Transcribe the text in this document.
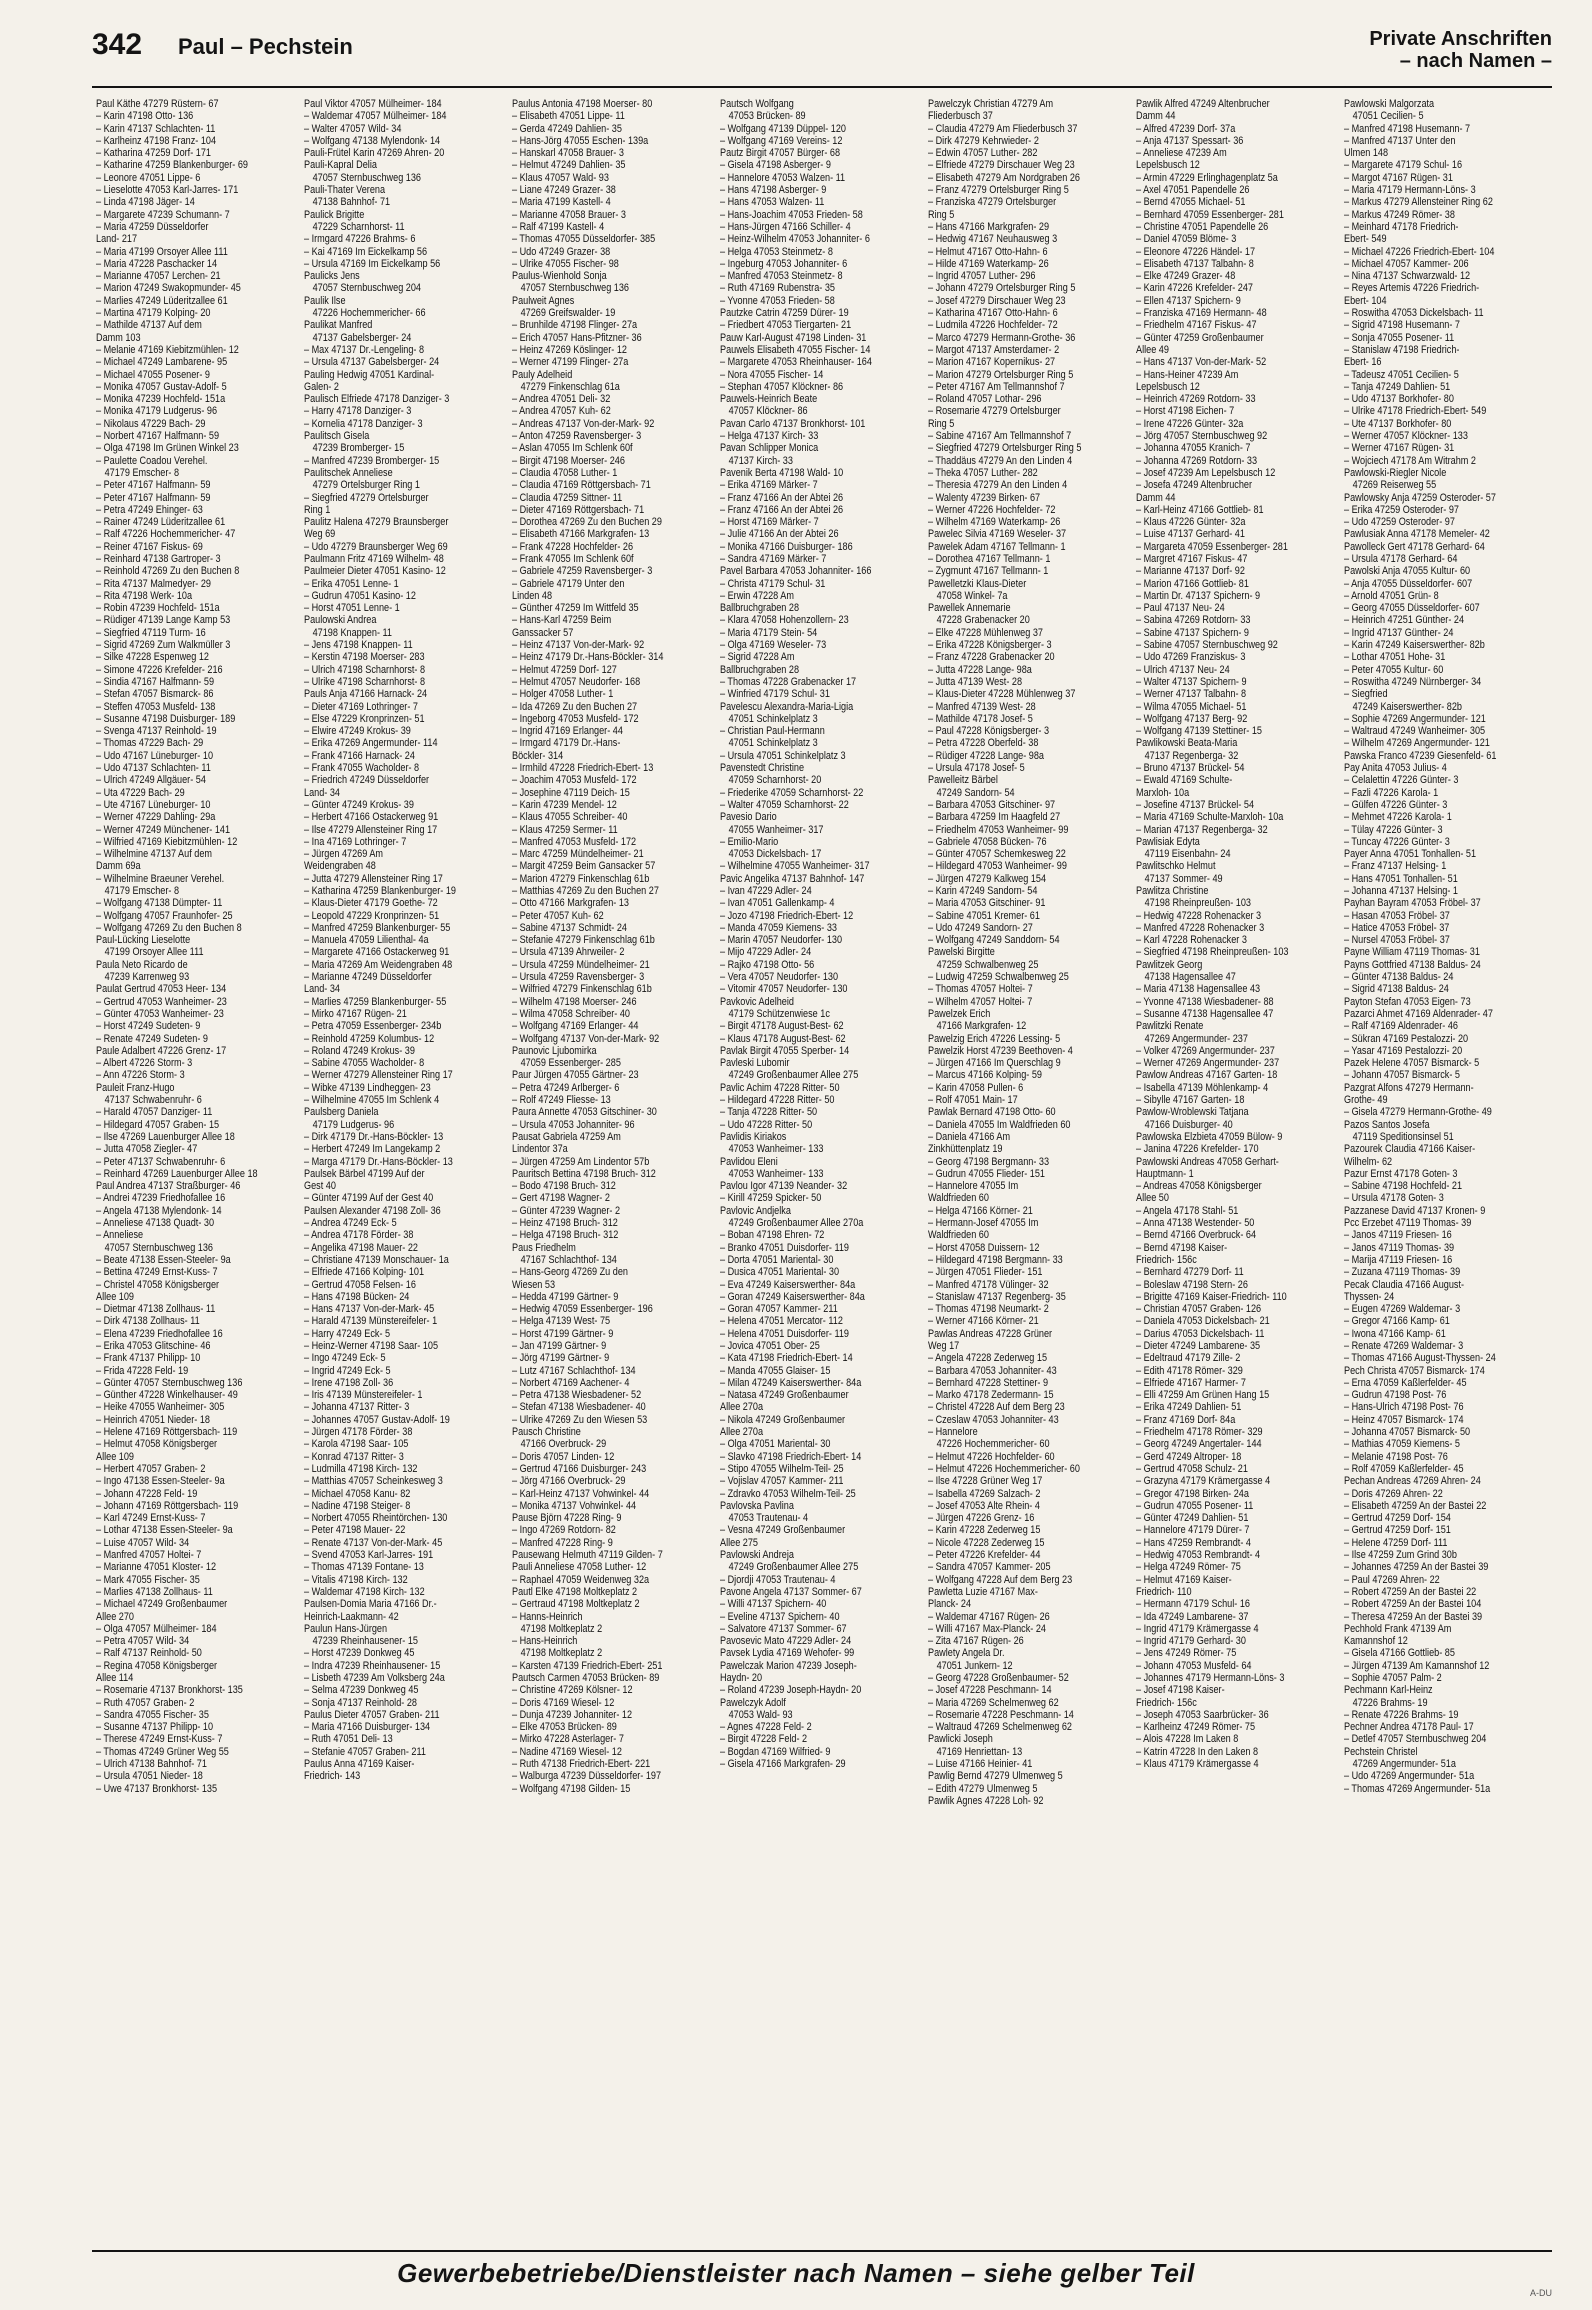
342 Paul – Pechstein	Private Anschriften
– nach Namen –
Paul Käthe 47279 Rüstern- 67
– Karin 47198 Otto- 136
– Karin 47137 Schlachten- 11
– Karlheinz 47198 Franz- 104
– Katharina 47259 Dorf- 171
– Katharine 47259 Blankenburger- 69
– Leonore 47051 Lippe- 6
– Lieselotte 47053 Karl-Jarres- 171
– Linda 47198 Jäger- 14
– Margarete 47239 Schumann- 7
– Maria 47259 Düsseldorfer
Land- 217
– Maria 47199 Orsoyer Allee 111
– Maria 47228 Paschacker 14
– Marianne 47057 Lerchen- 21
– Marion 47249 Swakopmunder- 45
– Marlies 47249 Lüderitzallee 61
– Martina 47179 Kolping- 20
– Mathilde 47137 Auf dem
Damm 103
– Melanie 47169 Kiebitzmühlen- 12
– Michael 47249 Lambarene- 95
– Michael 47055 Posener- 9
– Monika 47057 Gustav-Adolf- 5
– Monika 47239 Hochfeld- 151a
– Monika 47179 Ludgerus- 96
– Nikolaus 47229 Bach- 29
– Norbert 47167 Halfmann- 59
– Olga 47198 Im Grünen Winkel 23
– Paulette Coadou Verehel.
47179 Emscher- 8
– Peter 47167 Halfmann- 59
– Peter 47167 Halfmann- 59
– Petra 47249 Ehinger- 63
– Rainer 47249 Lüderitzallee 61
– Ralf 47226 Hochemmericher- 47
– Reiner 47167 Fiskus- 69
– Reinhard 47138 Gartroper- 3
– Reinhold 47269 Zu den Buchen 8
– Rita 47137 Malmedyer- 29
– Rita 47198 Werk- 10a
– Robin 47239 Hochfeld- 151a
– Rüdiger 47139 Lange Kamp 53
– Siegfried 47119 Turm- 16
– Sigrid 47269 Zum Walkmüller 3
– Silke 47228 Espenweg 12
– Simone 47226 Krefelder- 216
– Sindia 47167 Halfmann- 59
– Stefan 47057 Bismarck- 86
– Steffen 47053 Musfeld- 138
– Susanne 47198 Duisburger- 189
– Svenga 47137 Reinhold- 19
– Thomas 47229 Bach- 29
– Udo 47167 Lüneburger- 10
– Udo 47137 Schlachten- 11
– Ulrich 47249 Allgäuer- 54
– Uta 47229 Bach- 29
– Ute 47167 Lüneburger- 10
– Werner 47229 Dahling- 29a
– Werner 47249 Münchener- 141
– Wilfried 47169 Kiebitzmühlen- 12
– Wilhelmine 47137 Auf dem
Damm 69a
– Wilhelmine Braeuner Verehel.
47179 Emscher- 8
– Wolfgang 47138 Dümpter- 11
– Wolfgang 47057 Fraunhofer- 25
– Wolfgang 47269 Zu den Buchen 8
Paul-Lücking Lieselotte
47199 Orsoyer Allee 111
Paula Neto Ricardo de
47239 Karrenweg 93
Paulat Gertrud 47053 Heer- 134
– Gertrud 47053 Wanheimer- 23
– Günter 47053 Wanheimer- 23
– Horst 47249 Sudeten- 9
– Renate 47249 Sudeten- 9
Paule Adalbert 47226 Grenz- 17
– Albert 47226 Storm- 3
– Ann 47226 Storm- 3
Pauleit Franz-Hugo
47137 Schwabenruhr- 6
– Harald 47057 Danziger- 11
– Hildegard 47057 Graben- 15
– Ilse 47269 Lauenburger Allee 18
– Jutta 47058 Ziegler- 47
– Peter 47137 Schwabenruhr- 6
– Reinhard 47269 Lauenburger Allee 18
Paul Andrea 47137 Straßburger- 46
– Andrei 47239 Friedhofallee 16
– Angela 47138 Mylendonk- 14
– Anneliese 47138 Quadt- 30
– Anneliese
47057 Sternbuschweg 136
– Beate 47138 Essen-Steeler- 9a
– Bettina 47249 Ernst-Kuss- 7
– Christel 47058 Königsberger
Allee 109
– Dietmar 47138 Zollhaus- 11
– Dirk 47138 Zollhaus- 11
– Elena 47239 Friedhofallee 16
– Erika 47053 Glitschine- 46
– Frank 47137 Philipp- 10
– Frida 47228 Feld- 19
– Günter 47057 Sternbuschweg 136
– Günther 47228 Winkelhauser- 49
– Heike 47055 Wanheimer- 305
– Heinrich 47051 Nieder- 18
– Helene 47169 Röttgersbach- 119
– Helmut 47058 Königsberger
Allee 109
– Herbert 47057 Graben- 2
– Ingo 47138 Essen-Steeler- 9a
– Johann 47228 Feld- 19
– Johann 47169 Röttgersbach- 119
– Karl 47249 Ernst-Kuss- 7
– Lothar 47138 Essen-Steeler- 9a
– Luise 47057 Wild- 34
– Manfred 47057 Holtei- 7
– Marianne 47051 Kloster- 12
– Mark 47055 Fischer- 35
– Marlies 47138 Zollhaus- 11
– Michael 47249 Großenbaumer
Allee 270
– Olga 47057 Mülheimer- 184
– Petra 47057 Wild- 34
– Ralf 47137 Reinhold- 50
– Regina 47058 Königsberger
Allee 114
– Rosemarie 47137 Bronkhorst- 135
– Ruth 47057 Graben- 2
– Sandra 47055 Fischer- 35
– Susanne 47137 Philipp- 10
– Therese 47249 Ernst-Kuss- 7
– Thomas 47249 Grüner Weg 55
– Ulrich 47138 Bahnhof- 71
– Ursula 47051 Nieder- 18
– Uwe 47137 Bronkhorst- 135
Paul Viktor 47057 Mülheimer- 184
– Waldemar 47057 Mülheimer- 184
– Walter 47057 Wild- 34
– Wolfgang 47138 Mylendonk- 14
Pauli-Frütel Karin 47269 Ahren- 20
Pauli-Kapral Delia
47057 Sternbuschweg 136
Pauli-Thater Verena
47138 Bahnhof- 71
Paulick Brigitte
47229 Scharnhorst- 11
– Irmgard 47226 Brahms- 6
– Kai 47169 Im Eickelkamp 56
– Ursula 47169 Im Eickelkamp 56
Paulicks Jens
47057 Sternbuschweg 204
Paulik Ilse
47226 Hochemmericher- 66
Paulikat Manfred
47137 Gabelsberger- 24
– Max 47137 Dr.-Lengeling- 8
– Ursula 47137 Gabelsberger- 24
Pauling Hedwig 47051 Kardinal-
Galen- 2
Paulisch Elfriede 47178 Danziger- 3
– Harry 47178 Danziger- 3
– Kornelia 47178 Danziger- 3
Paulitsch Gisela
47239 Bromberger- 15
– Manfred 47239 Bromberger- 15
Paulitschek Anneliese
47279 Ortelsburger Ring 1
– Siegfried 47279 Ortelsburger
Ring 1
Paulitz Halena 47279 Braunsberger
Weg 69
– Udo 47279 Braunsberger Weg 69
Paulmann Fritz 47169 Wilhelm- 48
Paulmeier Dieter 47051 Kasino- 12
– Erika 47051 Lenne- 1
– Gudrun 47051 Kasino- 12
– Horst 47051 Lenne- 1
Paulowski Andrea
47198 Knappen- 11
– Jens 47198 Knappen- 11
– Kerstin 47198 Moerser- 283
– Ulrich 47198 Scharnhorst- 8
– Ulrike 47198 Scharnhorst- 8
Pauls Anja 47166 Harnack- 24
– Dieter 47169 Lothringer- 7
– Else 47229 Kronprinzen- 51
– Elwire 47249 Krokus- 39
– Erika 47269 Angermunder- 114
– Frank 47166 Harnack- 24
– Frank 47055 Wacholder- 8
– Friedrich 47249 Düsseldorfer
Land- 34
– Günter 47249 Krokus- 39
– Herbert 47166 Ostackerweg 91
– Ilse 47279 Allensteiner Ring 17
– Ina 47169 Lothringer- 7
– Jürgen 47269 Am
Weidengraben 48
– Jutta 47279 Allensteiner Ring 17
– Katharina 47259 Blankenburger- 19
– Klaus-Dieter 47179 Goethe- 72
– Leopold 47229 Kronprinzen- 51
– Manfred 47259 Blankenburger- 55
– Manuela 47059 Lilienthal- 4a
– Margarete 47166 Ostackerweg 91
– Maria 47269 Am Weidengraben 48
– Marianne 47249 Düsseldorfer
Land- 34
– Marlies 47259 Blankenburger- 55
– Mirko 47167 Rügen- 21
– Petra 47059 Essenberger- 234b
– Reinhold 47259 Kolumbus- 12
– Roland 47249 Krokus- 39
– Sabine 47055 Wacholder- 8
– Werner 47279 Allensteiner Ring 17
– Wibke 47139 Lindheggen- 23
– Wilhelmine 47055 Im Schlenk 4
Paulsberg Daniela
47179 Ludgerus- 96
– Dirk 47179 Dr.-Hans-Böckler- 13
– Herbert 47249 Im Langekamp 2
– Marga 47179 Dr.-Hans-Böckler- 13
Paulsek Bärbel 47199 Auf der
Gest 40
– Günter 47199 Auf der Gest 40
Paulsen Alexander 47198 Zoll- 36
– Andrea 47249 Eck- 5
– Andrea 47178 Förder- 38
– Angelika 47198 Mauer- 22
– Christiane 47139 Monschauer- 1a
– Elfriede 47166 Kolping- 101
– Gertrud 47058 Felsen- 16
– Hans 47198 Bücken- 24
– Hans 47137 Von-der-Mark- 45
– Harald 47139 Münstereifeler- 1
– Harry 47249 Eck- 5
– Heinz-Werner 47198 Saar- 105
– Ingo 47249 Eck- 5
– Ingrid 47249 Eck- 5
– Irene 47198 Zoll- 36
– Iris 47139 Münstereifeler- 1
– Johanna 47137 Ritter- 3
– Johannes 47057 Gustav-Adolf- 19
– Jürgen 47178 Förder- 38
– Karola 47198 Saar- 105
– Konrad 47137 Ritter- 3
– Ludmilla 47198 Kirch- 132
– Matthias 47057 Scheinkesweg 3
– Michael 47058 Kanu- 82
– Nadine 47198 Steiger- 8
– Norbert 47055 Rheintörchen- 130
– Peter 47198 Mauer- 22
– Renate 47137 Von-der-Mark- 45
– Svend 47053 Karl-Jarres- 191
– Thomas 47139 Fontane- 13
– Vitalis 47198 Kirch- 132
– Waldemar 47198 Kirch- 132
Paulsen-Domia Maria 47166 Dr.-
Heinrich-Laakmann- 42
Paulun Hans-Jürgen
47239 Rheinhausener- 15
– Horst 47239 Donkweg 45
– Indra 47239 Rheinhausener- 15
– Lisbeth 47239 Am Volksberg 24a
– Selma 47239 Donkweg 45
– Sonja 47137 Reinhold- 28
Paulus Dieter 47057 Graben- 211
– Maria 47166 Duisburger- 134
– Ruth 47051 Deli- 13
– Stefanie 47057 Graben- 211
Paulus Anna 47169 Kaiser-
Friedrich- 143
Paulus Antonia 47198 Moerser- 80
– Elisabeth 47051 Lippe- 11
– Gerda 47249 Dahlien- 35
– Hans-Jörg 47055 Eschen- 139a
– Hanskarl 47058 Brauer- 3
– Helmut 47249 Dahlien- 35
– Klaus 47057 Wald- 93
– Liane 47249 Grazer- 38
– Maria 47199 Kastell- 4
– Marianne 47058 Brauer- 3
– Ralf 47199 Kastell- 4
– Thomas 47055 Düsseldorfer- 385
– Udo 47249 Grazer- 38
– Ulrike 47055 Fischer- 98
Paulus-Wienhold Sonja
47057 Sternbuschweg 136
Paulweit Agnes
47269 Greifswalder- 19
– Brunhilde 47198 Flinger- 27a
– Erich 47057 Hans-Pfitzner- 36
– Heinz 47269 Köslinger- 12
– Werner 47199 Flinger- 27a
Pauly Adelheid
47279 Finkenschlag 61a
– Andrea 47051 Deli- 32
– Andrea 47057 Kuh- 62
– Andreas 47137 Von-der-Mark- 92
– Anton 47259 Ravensberger- 3
– Aslan 47055 Im Schlenk 60f
– Birgit 47198 Moerser- 246
– Claudia 47058 Luther- 1
– Claudia 47169 Röttgersbach- 71
– Claudia 47259 Sittner- 11
– Dieter 47169 Röttgersbach- 71
– Dorothea 47269 Zu den Buchen 29
– Elisabeth 47166 Markgrafen- 13
– Frank 47228 Hochfelder- 26
– Frank 47055 Im Schlenk 60f
– Gabriele 47259 Ravensberger- 3
– Gabriele 47179 Unter den
Linden 48
– Günther 47259 Im Wittfeld 35
– Hans-Karl 47259 Beim
Ganssacker 57
– Heinz 47137 Von-der-Mark- 92
– Heinz 47179 Dr.-Hans-Böckler- 314
– Helmut 47259 Dorf- 127
– Helmut 47057 Neudorfer- 168
– Holger 47058 Luther- 1
– Ida 47269 Zu den Buchen 27
– Ingeborg 47053 Musfeld- 172
– Ingrid 47169 Erlanger- 44
– Irmgard 47179 Dr.-Hans-
Böckler- 314
– Irmhild 47228 Friedrich-Ebert- 13
– Joachim 47053 Musfeld- 172
– Josephine 47119 Deich- 15
– Karin 47239 Mendel- 12
– Klaus 47055 Schreiber- 40
– Klaus 47259 Sermer- 11
– Manfred 47053 Musfeld- 172
– Marc 47259 Mündelheimer- 21
– Margit 47259 Beim Gansacker 57
– Marion 47279 Finkenschlag 61b
– Matthias 47269 Zu den Buchen 27
– Otto 47166 Markgrafen- 13
– Peter 47057 Kuh- 62
– Sabine 47137 Schmidt- 24
– Stefanie 47279 Finkenschlag 61b
– Ursula 47139 Ahrweiler- 2
– Ursula 47259 Mündelheimer- 21
– Ursula 47259 Ravensberger- 3
– Wilfried 47279 Finkenschlag 61b
– Wilhelm 47198 Moerser- 246
– Wilma 47058 Schreiber- 40
– Wolfgang 47169 Erlanger- 44
– Wolfgang 47137 Von-der-Mark- 92
Paunovic Ljubomirka
47059 Essenberger- 285
Paur Jürgen 47055 Gärtner- 23
– Petra 47249 Arlberger- 6
– Rolf 47249 Fliesse- 13
Paura Annette 47053 Gitschiner- 30
– Ursula 47053 Johanniter- 96
Pausat Gabriela 47259 Am
Lindentor 37a
– Jürgen 47259 Am Lindentor 57b
Pauritsch Bettina 47198 Bruch- 312
– Bodo 47198 Bruch- 312
– Gert 47198 Wagner- 2
– Günter 47239 Wagner- 2
– Heinz 47198 Bruch- 312
– Helga 47198 Bruch- 312
Paus Friedhelm
47167 Schlachthof- 134
– Hans-Georg 47269 Zu den
Wiesen 53
– Hedda 47199 Gärtner- 9
– Hedwig 47059 Essenberger- 196
– Helga 47139 West- 75
– Horst 47199 Gärtner- 9
– Jan 47199 Gärtner- 9
– Jörg 47199 Gärtner- 9
– Lutz 47167 Schlachthof- 134
– Norbert 47169 Aachener- 4
– Petra 47138 Wiesbadener- 52
– Stefan 47138 Wiesbadener- 40
– Ulrike 47269 Zu den Wiesen 53
Pausch Christine
47166 Overbruck- 29
– Doris 47057 Linden- 12
– Gertrud 47166 Duisburger- 243
– Jörg 47166 Overbruck- 29
– Karl-Heinz 47137 Vohwinkel- 44
– Monika 47137 Vohwinkel- 44
Pause Björn 47228 Ring- 9
– Ingo 47269 Rotdorn- 82
– Manfred 47228 Ring- 9
Pausewang Helmuth 47119 Gilden- 7
Pauli Anneliese 47058 Luther- 12
– Raphael 47059 Weidenweg 32a
Pautl Elke 47198 Moltkeplatz 2
– Gertraud 47198 Moltkeplatz 2
– Hanns-Heinrich
47198 Moltkeplatz 2
– Hans-Heinrich
47198 Moltkeplatz 2
– Karsten 47139 Friedrich-Ebert- 251
Pautsch Carmen 47053 Brücken- 89
– Christine 47269 Kölsner- 12
– Doris 47169 Wiesel- 12
– Dunja 47239 Johanniter- 12
– Elke 47053 Brücken- 89
– Mirko 47228 Asterlager- 7
– Nadine 47169 Wiesel- 12
– Ruth 47138 Friedrich-Ebert- 221
– Walburga 47239 Düsseldorfer- 197
– Wolfgang 47198 Gilden- 15
Pautsch Wolfgang
47053 Brücken- 89
– Wolfgang 47139 Düppel- 120
– Wolfgang 47169 Vereins- 12
Pautz Birgit 47057 Bürger- 68
– Gisela 47198 Asberger- 9
– Hannelore 47053 Walzen- 11
– Hans 47198 Asberger- 9
– Hans 47053 Walzen- 11
– Hans-Joachim 47053 Frieden- 58
– Hans-Jürgen 47166 Schiller- 4
– Heinz-Wilhelm 47053 Johanniter- 6
– Helga 47053 Steinmetz- 8
– Ingeburg 47053 Johanniter- 6
– Manfred 47053 Steinmetz- 8
– Ruth 47169 Rubenstra- 35
– Yvonne 47053 Frieden- 58
Pautzke Catrin 47259 Dürer- 19
– Friedbert 47053 Tiergarten- 21
Pauw Karl-August 47198 Linden- 31
Pauwels Elisabeth 47055 Fischer- 14
– Margarete 47053 Rheinhauser- 164
– Nora 47055 Fischer- 14
– Stephan 47057 Klöckner- 86
Pauwels-Heinrich Beate
47057 Klöckner- 86
Pavan Carlo 47137 Bronkhorst- 101
– Helga 47137 Kirch- 33
Pavan Schlipper Monica
47137 Kirch- 33
Pavenik Berta 47198 Wald- 10
– Erika 47169 Märker- 7
– Franz 47166 An der Abtei 26
– Franz 47166 An der Abtei 26
– Horst 47169 Märker- 7
– Julie 47166 An der Abtei 26
– Monika 47166 Duisburger- 186
– Sandra 47169 Märker- 7
Pavel Barbara 47053 Johanniter- 166
– Christa 47179 Schul- 31
– Erwin 47228 Am
Ballbruchgraben 28
– Klara 47058 Hohenzollern- 23
– Maria 47179 Stein- 54
– Olga 47169 Weseler- 73
– Sigrid 47228 Am
Ballbruchgraben 28
– Thomas 47228 Grabenacker 17
– Winfried 47179 Schul- 31
Pavelescu Alexandra-Maria-Ligia
47051 Schinkelplatz 3
– Christian Paul-Hermann
47051 Schinkelplatz 3
– Ursula 47051 Schinkelplatz 3
Pavenstedt Christine
47059 Scharnhorst- 20
– Friederike 47059 Scharnhorst- 22
– Walter 47059 Scharnhorst- 22
Pavesio Dario
47055 Wanheimer- 317
– Emilio-Mario
47053 Dickelsbach- 17
– Wilhelmine 47055 Wanheimer- 317
Pavic Angelika 47137 Bahnhof- 147
– Ivan 47229 Adler- 24
– Ivan 47051 Gallenkamp- 4
– Jozo 47198 Friedrich-Ebert- 12
– Manda 47059 Kiemens- 33
– Marin 47057 Neudorfer- 130
– Mijo 47229 Adler- 24
– Rajko 47198 Otto- 56
– Vera 47057 Neudorfer- 130
– Vitomir 47057 Neudorfer- 130
Pavkovic Adelheid
47179 Schützenwiese 1c
– Birgit 47178 August-Best- 62
– Klaus 47178 August-Best- 62
Pavlak Birgit 47055 Sperber- 14
Pavleski Lubomir
47249 Großenbaumer Allee 275
Pavlic Achim 47228 Ritter- 50
– Hildegard 47228 Ritter- 50
– Tanja 47228 Ritter- 50
– Udo 47228 Ritter- 50
Pavlidis Kiriakos
47053 Wanheimer- 133
Pavlidou Eleni
47053 Wanheimer- 133
Pavlou Igor 47139 Neander- 32
– Kirill 47259 Spicker- 50
Pavlovic Andjelka
47249 Großenbaumer Allee 270a
– Boban 47198 Ehren- 72
– Branko 47051 Duisdorfer- 119
– Dorta 47051 Mariental- 30
– Dusica 47051 Mariental- 30
– Eva 47249 Kaiserswerther- 84a
– Goran 47249 Kaiserswerther- 84a
– Goran 47057 Kammer- 211
– Helena 47051 Mercator- 112
– Helena 47051 Duisdorfer- 119
– Jovica 47051 Ober- 25
– Kata 47198 Friedrich-Ebert- 14
– Manda 47055 Glaiser- 15
– Milan 47249 Kaiserswerther- 84a
– Natasa 47249 Großenbaumer
Allee 270a
– Nikola 47249 Großenbaumer
Allee 270a
– Olga 47051 Mariental- 30
– Slavko 47198 Friedrich-Ebert- 14
– Stipo 47055 Wilhelm-Teil- 25
– Vojislav 47057 Kammer- 211
– Zdravko 47053 Wilhelm-Teil- 25
Pavlovska Pavlina
47053 Trautenau- 4
– Vesna 47249 Großenbaumer
Allee 275
Pavlowski Andreja
47249 Großenbaumer Allee 275
– Djordji 47053 Trautenau- 4
Pavone Angela 47137 Sommer- 67
– Willi 47137 Spichern- 40
– Eveline 47137 Spichern- 40
– Salvatore 47137 Sommer- 67
Pavosevic Mato 47229 Adler- 24
Pavsek Lydia 47169 Wehofer- 99
Pawelczak Marion 47239 Joseph-
Haydn- 20
– Roland 47239 Joseph-Haydn- 20
Pawelczyk Adolf
47053 Wald- 93
– Agnes 47228 Feld- 2
– Birgit 47228 Feld- 2
– Bogdan 47169 Wilfried- 9
– Gisela 47166 Markgrafen- 29
Pawelczyk Christian 47279 Am
Fliederbusch 37
– Claudia 47279 Am Fliederbusch 37
– Dirk 47279 Kehrwieder- 2
– Edwin 47057 Luther- 282
– Elfriede 47279 Dirschauer Weg 23
– Elisabeth 47279 Am Nordgraben 26
– Franz 47279 Ortelsburger Ring 5
– Franziska 47279 Ortelsburger
Ring 5
– Hans 47166 Markgrafen- 29
– Hedwig 47167 Neuhausweg 3
– Helmut 47167 Otto-Hahn- 6
– Hilde 47169 Waterkamp- 26
– Ingrid 47057 Luther- 296
– Johann 47279 Ortelsburger Ring 5
– Josef 47279 Dirschauer Weg 23
– Katharina 47167 Otto-Hahn- 6
– Ludmila 47226 Hochfelder- 72
– Marco 47279 Hermann-Grothe- 36
– Margot 47137 Amsterdamer- 2
– Marion 47167 Kopernikus- 27
– Marion 47279 Ortelsburger Ring 5
– Peter 47167 Am Tellmannshof 7
– Roland 47057 Lothar- 296
– Rosemarie 47279 Ortelsburger
Ring 5
– Sabine 47167 Am Tellmannshof 7
– Siegfried 47279 Ortelsburger Ring 5
– Thaddäus 47279 An den Linden 4
– Theka 47057 Luther- 282
– Theresia 47279 An den Linden 4
– Walenty 47239 Birken- 67
– Werner 47226 Hochfelder- 72
– Wilhelm 47169 Waterkamp- 26
Pawelec Silvia 47169 Weseler- 37
Pawelek Adam 47167 Tellmann- 1
– Dorothea 47167 Tellmann- 1
– Zygmunt 47167 Tellmann- 1
Pawelletzki Klaus-Dieter
47058 Winkel- 7a
Pawellek Annemarie
47228 Grabenacker 20
– Elke 47228 Mühlenweg 37
– Erika 47228 Königsberger- 3
– Franz 47228 Grabenacker 20
– Jutta 47228 Lange- 98a
– Jutta 47139 West- 28
– Klaus-Dieter 47228 Mühlenweg 37
– Manfred 47139 West- 28
– Mathilde 47178 Josef- 5
– Paul 47228 Königsberger- 3
– Petra 47228 Oberfeld- 38
– Rüdiger 47228 Lange- 98a
– Ursula 47178 Josef- 5
Pawelleitz Bärbel
47249 Sandorn- 54
– Barbara 47053 Gitschiner- 97
– Barbara 47259 Im Haagfeld 27
– Friedhelm 47053 Wanheimer- 99
– Gabriele 47058 Bücken- 76
– Günter 47057 Schemkesweg 22
– Hildegard 47053 Wanheimer- 99
– Jürgen 47279 Kalkweg 154
– Karin 47249 Sandorn- 54
– Maria 47053 Gitschiner- 91
– Sabine 47051 Kremer- 61
– Udo 47249 Sandorn- 27
– Wolfgang 47249 Sanddorn- 54
Pawelski Birgitte
47259 Schwalbenweg 25
– Ludwig 47259 Schwalbenweg 25
– Thomas 47057 Holtei- 7
– Wilhelm 47057 Holtei- 7
Pawelzek Erich
47166 Markgrafen- 12
Pawelzig Erich 47226 Lessing- 5
Pawelzik Horst 47239 Beethoven- 4
– Jürgen 47166 Im Querschlag 9
– Marcus 47166 Kolping- 59
– Karin 47058 Pullen- 6
– Rolf 47051 Main- 17
Pawlak Bernard 47198 Otto- 60
– Daniela 47055 Im Waldfrieden 60
– Daniela 47166 Am
Zinkhüttenplatz 19
– Georg 47198 Bergmann- 33
– Gudrun 47055 Flieder- 151
– Hannelore 47055 Im
Waldfrieden 60
– Helga 47166 Körner- 21
– Hermann-Josef 47055 Im
Waldfrieden 60
– Horst 47058 Duissern- 12
– Hildegard 47198 Bergmann- 33
– Jürgen 47051 Flieder- 151
– Manfred 47178 Vülinger- 32
– Stanislaw 47137 Regenberg- 35
– Thomas 47198 Neumarkt- 2
– Werner 47166 Körner- 21
Pawlas Andreas 47228 Grüner
Weg 17
– Angela 47228 Zederweg 15
– Barbara 47053 Johanniter- 43
– Bernhard 47228 Stettiner- 9
– Marko 47178 Zedermann- 15
– Christel 47228 Auf dem Berg 23
– Czeslaw 47053 Johanniter- 43
– Hannelore
47226 Hochemmericher- 60
– Helmut 47226 Hochfelder- 60
– Helmut 47226 Hochemmericher- 60
– Ilse 47228 Grüner Weg 17
– Isabella 47269 Salzach- 2
– Josef 47053 Alte Rhein- 4
– Jürgen 47226 Grenz- 16
– Karin 47228 Zederweg 15
– Nicole 47228 Zederweg 15
– Peter 47226 Krefelder- 44
– Sandra 47057 Kammer- 205
– Wolfgang 47228 Auf dem Berg 23
Pawletta Luzie 47167 Max-
Planck- 24
– Waldemar 47167 Rügen- 26
– Willi 47167 Max-Planck- 24
– Zita 47167 Rügen- 26
Pawlety Angela Dr.
47051 Junkern- 12
– Georg 47228 Großenbaumer- 52
– Josef 47228 Peschmann- 14
– Maria 47269 Schelmenweg 62
– Rosemarie 47228 Peschmann- 14
– Waltraud 47269 Schelmenweg 62
Pawlicki Joseph
47169 Henriettan- 13
– Luise 47166 Heinier- 41
Pawlig Bernd 47279 Ulmenweg 5
– Edith 47279 Ulmenweg 5
Pawlik Agnes 47228 Loh- 92
Pawlik Alfred 47249 Altenbrucher
Damm 44
– Alfred 47239 Dorf- 37a
– Anja 47137 Spessart- 36
– Anneliese 47239 Am
Lepelsbusch 12
– Armin 47229 Erlinghagenplatz 5a
– Axel 47051 Papendelle 26
– Bernd 47055 Michael- 51
– Bernhard 47059 Essenberger- 281
– Christine 47051 Papendelle 26
– Daniel 47059 Blöme- 3
– Eleonore 47226 Händel- 17
– Elisabeth 47137 Talbahn- 8
– Elke 47249 Grazer- 48
– Karin 47226 Krefelder- 247
– Ellen 47137 Spichern- 9
– Franziska 47169 Hermann- 48
– Friedhelm 47167 Fiskus- 47
– Günter 47259 Großenbaumer
Allee 49
– Hans 47137 Von-der-Mark- 52
– Hans-Heiner 47239 Am
Lepelsbusch 12
– Heinrich 47269 Rotdorn- 33
– Horst 47198 Eichen- 7
– Irene 47226 Günter- 32a
– Jörg 47057 Sternbuschweg 92
– Johanna 47055 Kranich- 7
– Johanna 47269 Rotdorn- 33
– Josef 47239 Am Lepelsbusch 12
– Josefa 47249 Altenbrucher
Damm 44
– Karl-Heinz 47166 Gottlieb- 81
– Klaus 47226 Günter- 32a
– Luise 47137 Gerhard- 41
– Margareta 47059 Essenberger- 281
– Margret 47167 Fiskus- 47
– Marianne 47137 Dorf- 92
– Marion 47166 Gottlieb- 81
– Martin Dr. 47137 Spichern- 9
– Paul 47137 Neu- 24
– Sabina 47269 Rotdorn- 33
– Sabine 47137 Spichern- 9
– Sabine 47057 Sternbuschweg 92
– Udo 47269 Franziskus- 3
– Ulrich 47137 Neu- 24
– Walter 47137 Spichern- 9
– Werner 47137 Talbahn- 8
– Wilma 47055 Michael- 51
– Wolfgang 47137 Berg- 92
– Wolfgang 47139 Stettiner- 15
Pawlikowski Beata-Maria
47137 Regenberga- 32
– Bruno 47137 Brückel- 54
– Ewald 47169 Schulte-
Marxloh- 10a
– Josefine 47137 Brückel- 54
– Maria 47169 Schulte-Marxloh- 10a
– Marian 47137 Regenberga- 32
Pawlisiak Edyta
47119 Eisenbahn- 24
Pawlitschko Helmut
47137 Sommer- 49
Pawlitza Christine
47198 Rheinpreußen- 103
– Hedwig 47228 Rohenacker 3
– Manfred 47228 Rohenacker 3
– Karl 47228 Rohenacker 3
– Siegfried 47198 Rheinpreußen- 103
Pawlitzek Georg
47138 Hagensallee 47
– Maria 47138 Hagensallee 43
– Yvonne 47138 Wiesbadener- 88
– Susanne 47138 Hagensallee 47
Pawlitzki Renate
47269 Angermunder- 237
– Volker 47269 Angermunder- 237
– Werner 47269 Angermunder- 237
Pawlow Andreas 47167 Garten- 18
– Isabella 47139 Möhlenkamp- 4
– Sibylle 47167 Garten- 18
Pawlow-Wroblewski Tatjana
47166 Duisburger- 40
Pawlowska Elzbieta 47059 Bülow- 9
– Janina 47226 Krefelder- 170
Pawlowski Andreas 47058 Gerhart-
Hauptmann- 1
– Andreas 47058 Königsberger
Allee 50
– Angela 47178 Stahl- 51
– Anna 47138 Westender- 50
– Bernd 47166 Overbruck- 64
– Bernd 47198 Kaiser-
Friedrich- 156c
– Bernhard 47279 Dorf- 11
– Boleslaw 47198 Stern- 26
– Brigitte 47169 Kaiser-Friedrich- 110
– Christian 47057 Graben- 126
– Daniela 47053 Dickelsbach- 21
– Darius 47053 Dickelsbach- 11
– Dieter 47249 Lambarene- 35
– Edeltraud 47179 Zille- 2
– Edith 47178 Römer- 329
– Elfriede 47167 Harmer- 7
– Elli 47259 Am Grünen Hang 15
– Erika 47249 Dahlien- 51
– Franz 47169 Dorf- 84a
– Friedhelm 47178 Römer- 329
– Georg 47249 Angertaler- 144
– Gerd 47249 Altroper- 18
– Gertrud 47058 Schulz- 21
– Grazyna 47179 Krämergasse 4
– Gregor 47198 Birken- 24a
– Gudrun 47055 Posener- 11
– Günter 47249 Dahlien- 51
– Hannelore 47179 Dürer- 7
– Hans 47259 Rembrandt- 4
– Hedwig 47053 Rembrandt- 4
– Helga 47249 Römer- 75
– Helmut 47169 Kaiser-
Friedrich- 110
– Hermann 47179 Schul- 16
– Ida 47249 Lambarene- 37
– Ingrid 47179 Krämergasse 4
– Ingrid 47179 Gerhard- 30
– Jens 47249 Römer- 75
– Johann 47053 Musfeld- 64
– Johannes 47179 Hermann-Löns- 3
– Josef 47198 Kaiser-
Friedrich- 156c
– Joseph 47053 Saarbrücker- 36
– Karlheinz 47249 Römer- 75
– Alois 47228 Im Laken 8
– Katrin 47228 In den Laken 8
– Klaus 47179 Krämergasse 4
Pawlowski Malgorzata
47051 Cecilien- 5
– Manfred 47198 Husemann- 7
– Manfred 47137 Unter den
Ulmen 148
– Margarete 47179 Schul- 16
– Margot 47167 Rügen- 31
– Maria 47179 Hermann-Löns- 3
– Markus 47279 Allensteiner Ring 62
– Markus 47249 Römer- 38
– Meinhard 47178 Friedrich-
Ebert- 549
– Michael 47226 Friedrich-Ebert- 104
– Michael 47057 Kammer- 206
– Nina 47137 Schwarzwald- 12
– Reyes Artemis 47226 Friedrich-
Ebert- 104
– Roswitha 47053 Dickelsbach- 11
– Sigrid 47198 Husemann- 7
– Sonja 47055 Posener- 11
– Stanislaw 47198 Friedrich-
Ebert- 16
– Tadeusz 47051 Cecilien- 5
– Tanja 47249 Dahlien- 51
– Udo 47137 Borkhofer- 80
– Ulrike 47178 Friedrich-Ebert- 549
– Ute 47137 Borkhofer- 80
– Werner 47057 Klöckner- 133
– Werner 47167 Rügen- 31
– Wojciech 47178 Am Witrahm 2
Pawlowski-Riegler Nicole
47269 Reiserweg 55
Pawlowsky Anja 47259 Osteroder- 57
– Erika 47259 Osteroder- 97
– Udo 47259 Osteroder- 97
Pawlusiak Anna 47178 Memeler- 42
Pawolleck Gert 47178 Gerhard- 64
– Ursula 47178 Gerhard- 64
Pawolski Anja 47055 Kultur- 60
– Anja 47055 Düsseldorfer- 607
– Arnold 47051 Grün- 8
– Georg 47055 Düsseldorfer- 607
– Heinrich 47251 Günther- 24
– Ingrid 47137 Günther- 24
– Karin 47249 Kaiserswerther- 82b
– Lothar 47051 Hohe- 31
– Peter 47055 Kultur- 60
– Roswitha 47249 Nürnberger- 34
– Siegfried
47249 Kaiserswerther- 82b
– Sophie 47269 Angermunder- 121
– Waltraud 47249 Wanheimer- 305
– Wilhelm 47269 Angermunder- 121
Pawska Franco 47239 Giesenfeld- 61
Pay Anita 47053 Julius- 4
– Celalettin 47226 Günter- 3
– Fazli 47226 Karola- 1
– Gülfen 47226 Günter- 3
– Mehmet 47226 Karola- 1
– Tülay 47226 Günter- 3
– Tuncay 47226 Günter- 3
Payer Anna 47051 Tonhallen- 51
– Franz 47137 Helsing- 1
– Hans 47051 Tonhallen- 51
– Johanna 47137 Helsing- 1
Payhan Bayram 47053 Fröbel- 37
– Hasan 47053 Fröbel- 37
– Hatice 47053 Fröbel- 37
– Nursel 47053 Fröbel- 37
Payne William 47119 Thomas- 31
Payns Gottfried 47138 Baldus- 24
– Günter 47138 Baldus- 24
– Sigrid 47138 Baldus- 24
Payton Stefan 47053 Eigen- 73
Pazarci Ahmet 47169 Aldenrader- 47
– Ralf 47169 Aldenrader- 46
– Sükran 47169 Pestalozzi- 20
– Yasar 47169 Pestalozzi- 20
Pazek Helene 47057 Bismarck- 5
– Johann 47057 Bismarck- 5
Pazgrat Alfons 47279 Hermann-
Grothe- 49
– Gisela 47279 Hermann-Grothe- 49
Pazos Santos Josefa
47119 Speditionsinsel 51
Pazourek Claudia 47166 Kaiser-
Wilhelm- 62
Pazur Ernst 47178 Goten- 3
– Sabine 47198 Hochfeld- 21
– Ursula 47178 Goten- 3
Pazzanese David 47137 Kronen- 9
Pcc Erzebet 47119 Thomas- 39
– Janos 47119 Friesen- 16
– Janos 47119 Thomas- 39
– Marija 47119 Friesen- 16
– Zuzana 47119 Thomas- 39
Pecak Claudia 47166 August-
Thyssen- 24
– Eugen 47269 Waldemar- 3
– Gregor 47166 Kamp- 61
– Iwona 47166 Kamp- 61
– Renate 47269 Waldemar- 3
– Thomas 47166 August-Thyssen- 24
Pech Christa 47057 Bismarck- 174
– Erna 47059 Kaßlerfelder- 45
– Gudrun 47198 Post- 76
– Hans-Ulrich 47198 Post- 76
– Heinz 47057 Bismarck- 174
– Johanna 47057 Bismarck- 50
– Mathias 47059 Kiemens- 5
– Melanie 47198 Post- 76
– Rolf 47059 Kaßlerfelder- 45
Pechan Andreas 47269 Ahren- 24
– Doris 47269 Ahren- 22
– Elisabeth 47259 An der Bastei 22
– Gertrud 47259 Dorf- 154
– Gertrud 47259 Dorf- 151
– Helene 47259 Dorf- 111
– Ilse 47259 Zum Grind 30b
– Johannes 47259 An der Bastei 39
– Paul 47269 Ahren- 22
– Robert 47259 An der Bastei 22
– Robert 47259 An der Bastei 104
– Theresa 47259 An der Bastei 39
Pechhold Frank 47139 Am
Kamannshof 12
– Gisela 47166 Gottlieb- 85
– Jürgen 47139 Am Kamannshof 12
– Sophie 47057 Palm- 2
Pechmann Karl-Heinz
47226 Brahms- 19
– Renate 47226 Brahms- 19
Pechner Andrea 47178 Paul- 17
– Detlef 47057 Sternbuschweg 204
Pechstein Christel
47269 Angermunder- 51a
– Udo 47269 Angermunder- 51a
– Thomas 47269 Angermunder- 51a
Gewerbebetriebe/Dienstleister nach Namen – siehe gelber Teil
A-DU
